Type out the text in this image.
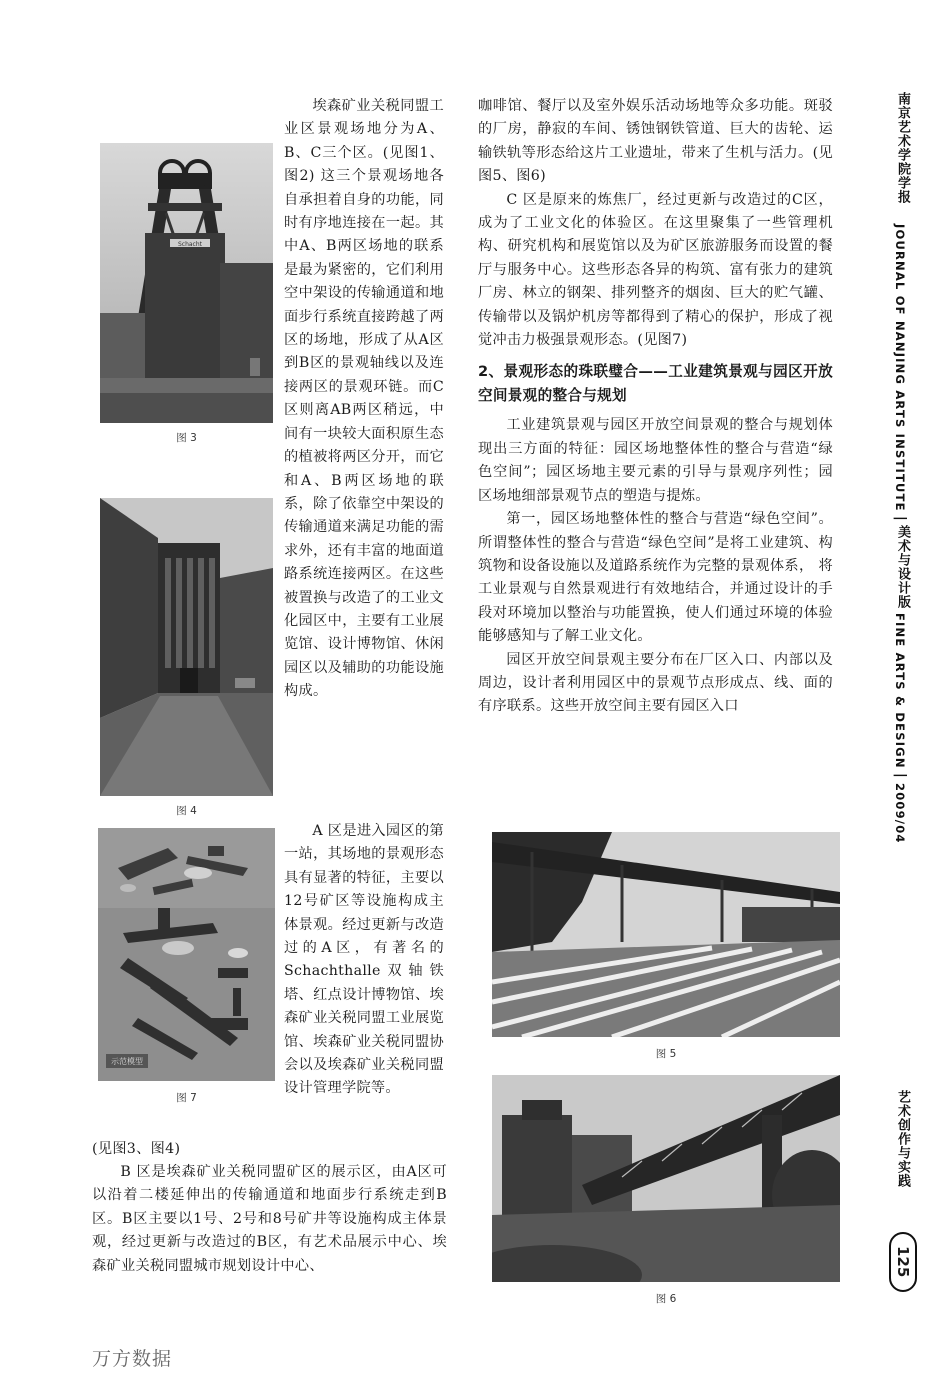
Schacht
图 3
图 4
示范模型
图 7

埃森矿业关税同盟工业区景观场地分为A、B、C三个区。(见图1、图2) 这三个景观场地各自承担着自身的功能，同时有序地连接在一起。其中A、B两区场地的联系是最为紧密的，它们利用空中架设的传输通道和地面步行系统直接跨越了两区的场地，形成了从A区到B区的景观轴线以及连接两区的景观环链。而C区则离AB两区稍远，中间有一块较大面积原生态的植被将两区分开，而它和A、B两区场地的联系，除了依靠空中架设的传输通道来满足功能的需求外，还有丰富的地面道路系统连接两区。在这些被置换与改造了的工业文化园区中，主要有工业展览馆、设计博物馆、休闲园区以及辅助的功能设施构成。

A 区是进入园区的第一站，其场地的景观形态具有显著的特征，主要以12号矿区等设施构成主体景观。经过更新与改造过的A区，有著名的Schachthalle双轴铁塔、红点设计博物馆、埃森矿业关税同盟工业展览馆、埃森矿业关税同盟协会以及埃森矿业关税同盟设计管理学院等。

(见图3、图4)

B 区是埃森矿业关税同盟矿区的展示区，由A区可以沿着二楼延伸出的传输通道和地面步行系统走到B区。B区主要以1号、2号和8号矿井等设施构成主体景观，经过更新与改造过的B区，有艺术品展示中心、埃森矿业关税同盟城市规划设计中心、

咖啡馆、餐厅以及室外娱乐活动场地等众多功能。斑驳的厂房，静寂的车间、锈蚀钢铁管道、巨大的齿轮、运输铁轨等形态给这片工业遗址，带来了生机与活力。(见图5、图6)

C 区是原来的炼焦厂，经过更新与改造过的C区，成为了工业文化的体验区。在这里聚集了一些管理机构、研究机构和展览馆以及为矿区旅游服务而设置的餐厅与服务中心。这些形态各异的构筑、富有张力的建筑厂房、林立的钢架、排列整齐的烟囱、巨大的贮气罐、传输带以及锅炉机房等都得到了精心的保护，形成了视觉冲击力极强景观形态。(见图7)

2、景观形态的珠联璧合——工业建筑景观与园区开放空间景观的整合与规划

工业建筑景观与园区开放空间景观的整合与规划体现出三方面的特征：园区场地整体性的整合与营造“绿色空间”；园区场地主要元素的引导与景观序列性；园区场地细部景观节点的塑造与提炼。

第一，园区场地整体性的整合与营造“绿色空间”。所谓整体性的整合与营造“绿色空间”是将工业建筑、构筑物和设备设施以及道路系统作为完整的景观体系， 将工业景观与自然景观进行有效地结合，并通过设计的手段对环境加以整治与功能置换，使人们通过环境的体验能够感知与了解工业文化。

园区开放空间景观主要分布在厂区入口、内部以及周边，设计者利用园区中的景观节点形成点、线、面的有序联系。这些开放空间主要有园区入口

图 5
图 6
南京艺术学院学报
JOURNAL OF NANJING ARTS INSTITUTE
|
美术与设计版
FINE ARTS & DESIGN
|
2009/04
艺术创作与实践
125
万方数据
